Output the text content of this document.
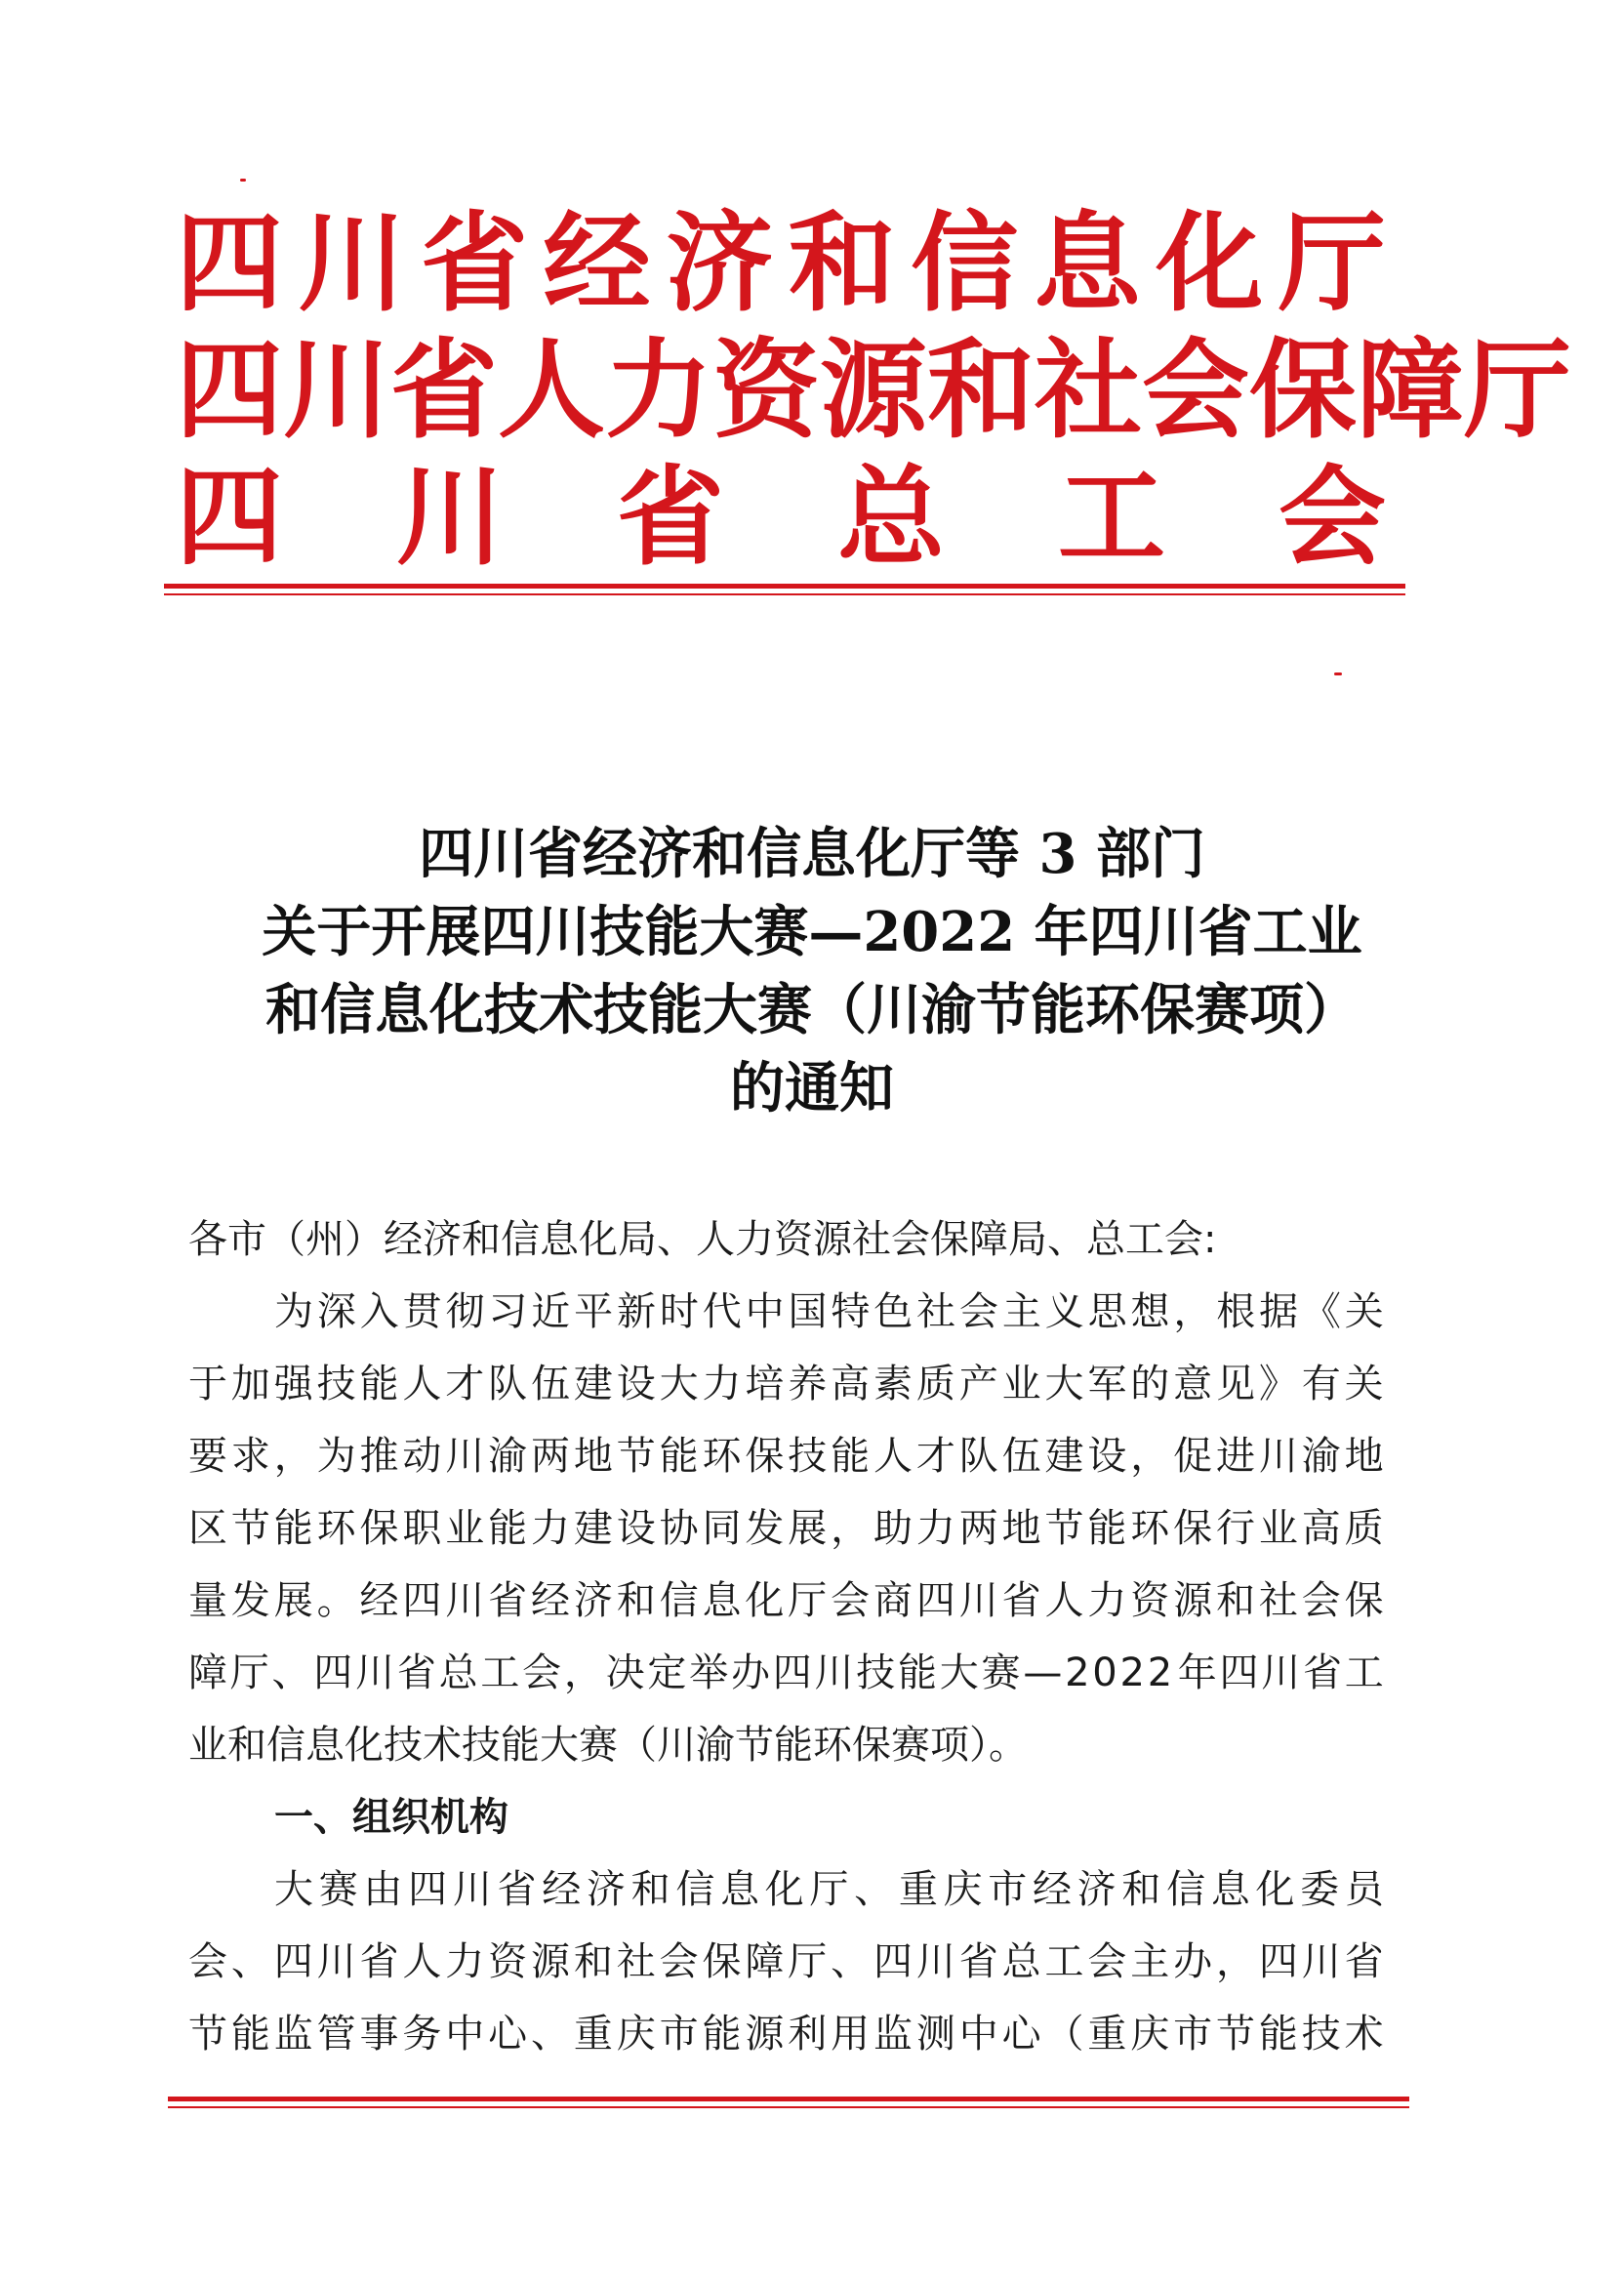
四 川 省 经 济 和 信 息 化 厅
四 川 省 人 力 资 源 和 社 会 保 障 厅
四 川 省 总 工 会
四川省经济和信息化厅等 3 部门
关于开展四川技能大赛—2022 年四川省工业
和信息化技术技能大赛（川渝节能环保赛项）
的通知
各市（州）经济和信息化局、人力资源社会保障局、总工会:
为 深 入 贯 彻 习 近 平 新 时 代 中 国 特 色 社 会 主 义 思 想 ， 根 据 《 关
于 加 强 技 能 人 才 队 伍 建 设 大 力 培 养 高 素 质 产 业 大 军 的 意 见 》 有 关
要 求 ， 为 推 动 川 渝 两 地 节 能 环 保 技 能 人 才 队 伍 建 设 ， 促 进 川 渝 地
区 节 能 环 保 职 业 能 力 建 设 协 同 发 展 ， 助 力 两 地 节 能 环 保 行 业 高 质
量 发 展 。 经 四 川 省 经 济 和 信 息 化 厅 会 商 四 川 省 人 力 资 源 和 社 会 保
障 厅 、 四 川 省 总 工 会 ， 决 定 举 办 四 川 技 能 大 赛 — 2 0 2 2 年 四 川 省 工
业和信息化技术技能大赛（川渝节能环保赛项）。
一、组织机构
大 赛 由 四 川 省 经 济 和 信 息 化 厅 、 重 庆 市 经 济 和 信 息 化 委 员
会 、 四 川 省 人 力 资 源 和 社 会 保 障 厅 、 四 川 省 总 工 会 主 办 ， 四 川 省
节 能 监 管 事 务 中 心 、 重 庆 市 能 源 利 用 监 测 中 心 （ 重 庆 市 节 能 技 术
